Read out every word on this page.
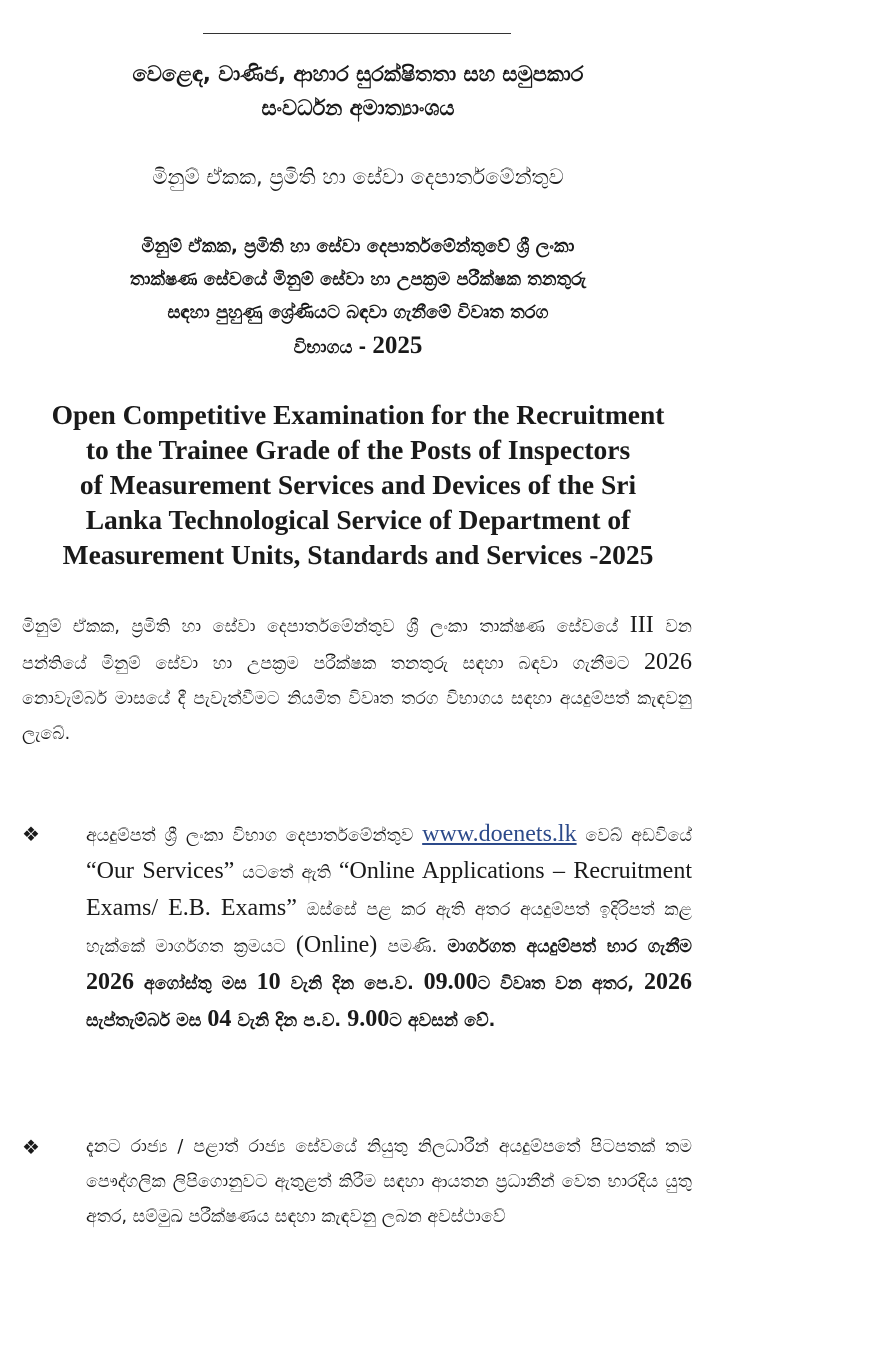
වෙළෙඳ, වාණිජ, ආහාර සුරක්ෂිතතා සහ සමුපකාර
සංවර්ධන අමාත්‍යාංශය
මිනුම් ඒකක, ප්‍රමිති හා සේවා දෙපාර්තමේන්තුව
මිනුම් ඒකක, ප්‍රමිති හා සේවා දෙපාර්තමේන්තුවේ ශ්‍රී ලංකා
තාක්ෂණ සේවයේ මිනුම් සේවා හා උපක්‍රම පරීක්ෂක තනතුරු
සඳහා පුහුණු ශ්‍රේණියට බඳවා ගැනීමේ විවෘත තරග
විභාගය - 2025
Open Competitive Examination for the Recruitment
to the Trainee Grade of the Posts of Inspectors
of Measurement Services and Devices of the Sri
Lanka Technological Service of Department of
Measurement Units, Standards and Services -2025
මිනුම් ඒකක, ප්‍රමිති හා සේවා දෙපාර්තමේන්තුව ශ්‍රී ලංකා තාක්ෂණ සේවයේ III වන පන්තියේ මිනුම් සේවා හා උපක්‍රම පරීක්ෂක තනතුරු සඳහා බඳවා ගැනීමට 2026 නොවැම්බර් මාසයේ දී පැවැත්වීමට නියමිත විවෘත තරග විභාගය සඳහා අයදුම්පත් කැඳවනු ලැබේ.
❖	අයදුම්පත් ශ්‍රී ලංකා විභාග දෙපාර්තමේන්තුව www.doenets.lk වෙබ් අඩවියේ “Our Services” යටතේ ඇති “Online Applications – Recruitment Exams/ E.B. Exams” ඔස්සේ පළ කර ඇති අතර අයදුම්පත් ඉදිරිපත් කළ හැක්කේ මාර්ගගත ක්‍රමයට (Online) පමණි. මාර්ගගත අයදුම්පත් භාර ගැනීම 2026 අගෝස්තු මස 10 වැනි දින පෙ.ව. 09.00ට විවෘත වන අතර, 2026 සැප්තැම්බර් මස 04 වැනි දින ප.ව. 9.00ට අවසන් වේ.
❖	දැනට රාජ්‍ය / පළාත් රාජ්‍ය සේවයේ නියුතු නිලධාරීන් අයදුම්පතේ පිටපතක් තම පෞද්ගලික ලිපිගොනුවට ඇතුළත් කිරීම සඳහා ආයතන ප්‍රධානීන් වෙත භාරදිය යුතු අතර, සම්මුඛ පරීක්ෂණය සඳහා කැඳවනු ලබන අවස්ථාවේ
